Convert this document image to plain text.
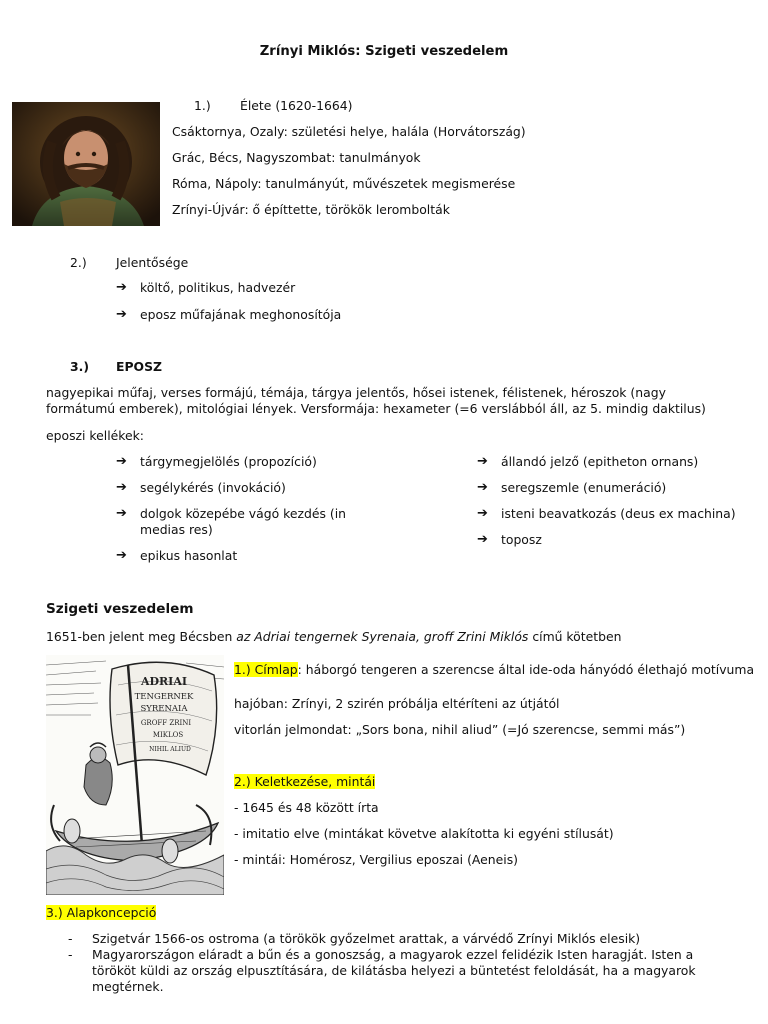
Zrínyi Miklós: Szigeti veszedelem
1.) Élete (1620-1664)
Csáktornya, Ozaly: születési helye, halála (Horvátország)
Grác, Bécs, Nagyszombat: tanulmányok
Róma, Nápoly: tanulmányút, művészetek megismerése
Zrínyi-Újvár: ő építtette, törökök lerombolták
2.) Jelentősége
➔ költő, politikus, hadvezér
➔ eposz műfajának meghonosítója
3.) EPOSZ
nagyepikai műfaj, verses formájú, témája, tárgya jelentős, hősei istenek, félistenek, héroszok (nagy formátumú emberek), mitológiai lények. Versformája: hexameter (=6 verslábból áll, az 5. mindig daktilus)
eposzi kellékek:
➔ tárgymegjelölés (propozíció)
➔ segélykérés (invokáció)
➔ dolgok közepébe vágó kezdés (in medias res)
➔ epikus hasonlat
➔ állandó jelző (epitheton ornans)
➔ seregszemle (enumeráció)
➔ isteni beavatkozás (deus ex machina)
➔ toposz
Szigeti veszedelem
1651-ben jelent meg Bécsben az Adriai tengernek Syrenaia, groff Zrini Miklós című kötetben
ADRIAI
TENGERNEK
SYRENAIA
GROFF ZRINI
MIKLOS
NIHIL ALIUD
1.) Címlap: háborgó tengeren a szerencse által ide-oda hányódó élethajó motívuma
hajóban: Zrínyi, 2 szirén próbálja eltéríteni az útjától
vitorlán jelmondat: „Sors bona, nihil aliud” (=Jó szerencse, semmi más”)
2.) Keletkezése, mintái
- 1645 és 48 között írta
- imitatio elve (mintákat követve alakította ki egyéni stílusát)
- mintái: Homérosz, Vergilius eposzai (Aeneis)
3.) Alapkoncepció
- Szigetvár 1566-os ostroma (a törökök győzelmet arattak, a várvédő Zrínyi Miklós elesik)
- Magyarországon eláradt a bűn és a gonoszság, a magyarok ezzel felidézik Isten haragját. Isten a törököt küldi az ország elpusztítására, de kilátásba helyezi a büntetést feloldását, ha a magyarok megtérnek.
